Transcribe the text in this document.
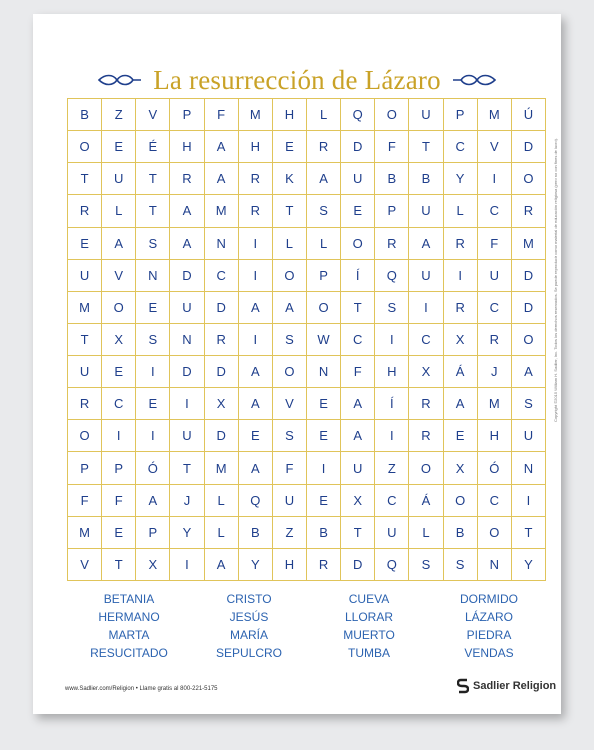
La resurrección de Lázaro
B	Z	V	P	F	M	H	L	Q	O	U	P	M	Ú
O	E	É	H	A	H	E	R	D	F	T	C	V	D
T	U	T	R	A	R	K	A	U	B	B	Y	I	O
R	L	T	A	M	R	T	S	E	P	U	L	C	R
E	A	S	A	N	I	L	L	O	R	A	R	F	M
U	V	N	D	C	I	O	P	Í	Q	U	I	U	D
M	O	E	U	D	A	A	O	T	S	I	R	C	D
T	X	S	N	R	I	S	W	C	I	C	X	R	O
U	E	I	D	D	A	O	N	F	H	X	Á	J	A
R	C	E	I	X	A	V	E	A	Í	R	A	M	S
O	I	I	U	D	E	S	E	A	I	R	E	H	U
P	P	Ó	T	M	A	F	I	U	Z	O	X	Ó	N
F	F	A	J	L	Q	U	E	X	C	Á	O	C	I
M	E	P	Y	L	B	Z	B	T	U	L	B	O	T
V	T	X	I	A	Y	H	R	D	Q	S	S	N	Y
BETANIA	CRISTO	CUEVA	DORMIDO
HERMANO	JESÚS	LLORAR	LÁZARO
MARTA	MARÍA	MUERTO	PIEDRA
RESUCITADO	SEPULCRO	TUMBA	VENDAS
www.Sadlier.com/Religion • Llame gratis al 800-221-5175	Sadlier Religion
Copyright ©2015 William H. Sadlier, Inc. Todos los derechos reservados. Se puede reproducir como material de educación religiosa (pero no con fines de lucro).
